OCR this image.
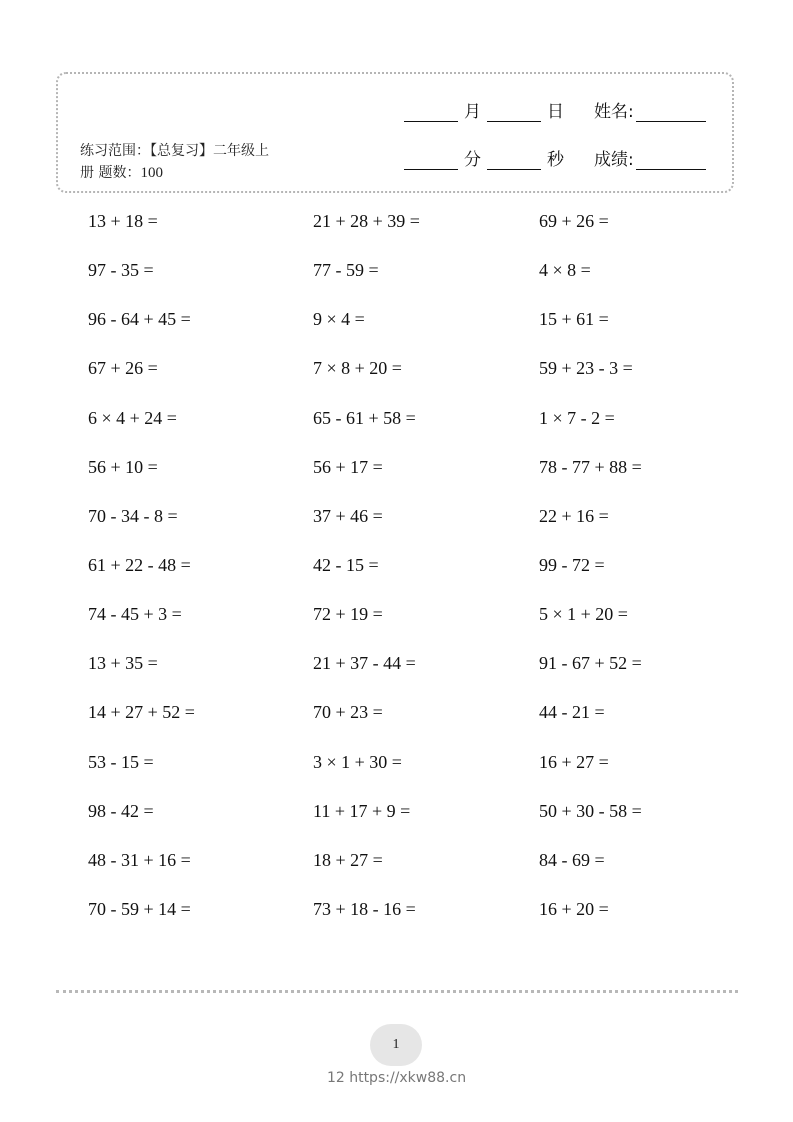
月	日 姓名:
分	秒 成绩:
练习范围：【总复习】二年级上
册 题数：100
13 + 18 =	21 + 28 + 39 =	69 + 26 =
97 - 35 =	77 - 59 =	4 × 8 =
96 - 64 + 45 =	9 × 4 =	15 + 61 =
67 + 26 =	7 × 8 + 20 =	59 + 23 - 3 =
6 × 4 + 24 =	65 - 61 + 58 =	1 × 7 - 2 =
56 + 10 =	56 + 17 =	78 - 77 + 88 =
70 - 34 - 8 =	37 + 46 =	22 + 16 =
61 + 22 - 48 =	42 - 15 =	99 - 72 =
74 - 45 + 3 =	72 + 19 =	5 × 1 + 20 =
13 + 35 =	21 + 37 - 44 =	91 - 67 + 52 =
14 + 27 + 52 =	70 + 23 =	44 - 21 =
53 - 15 =	3 × 1 + 30 =	16 + 27 =
98 - 42 =	11 + 17 + 9 =	50 + 30 - 58 =
48 - 31 + 16 =	18 + 27 =	84 - 69 =
70 - 59 + 14 =	73 + 18 - 16 =	16 + 20 =
1
12 https://xkw88.cn
